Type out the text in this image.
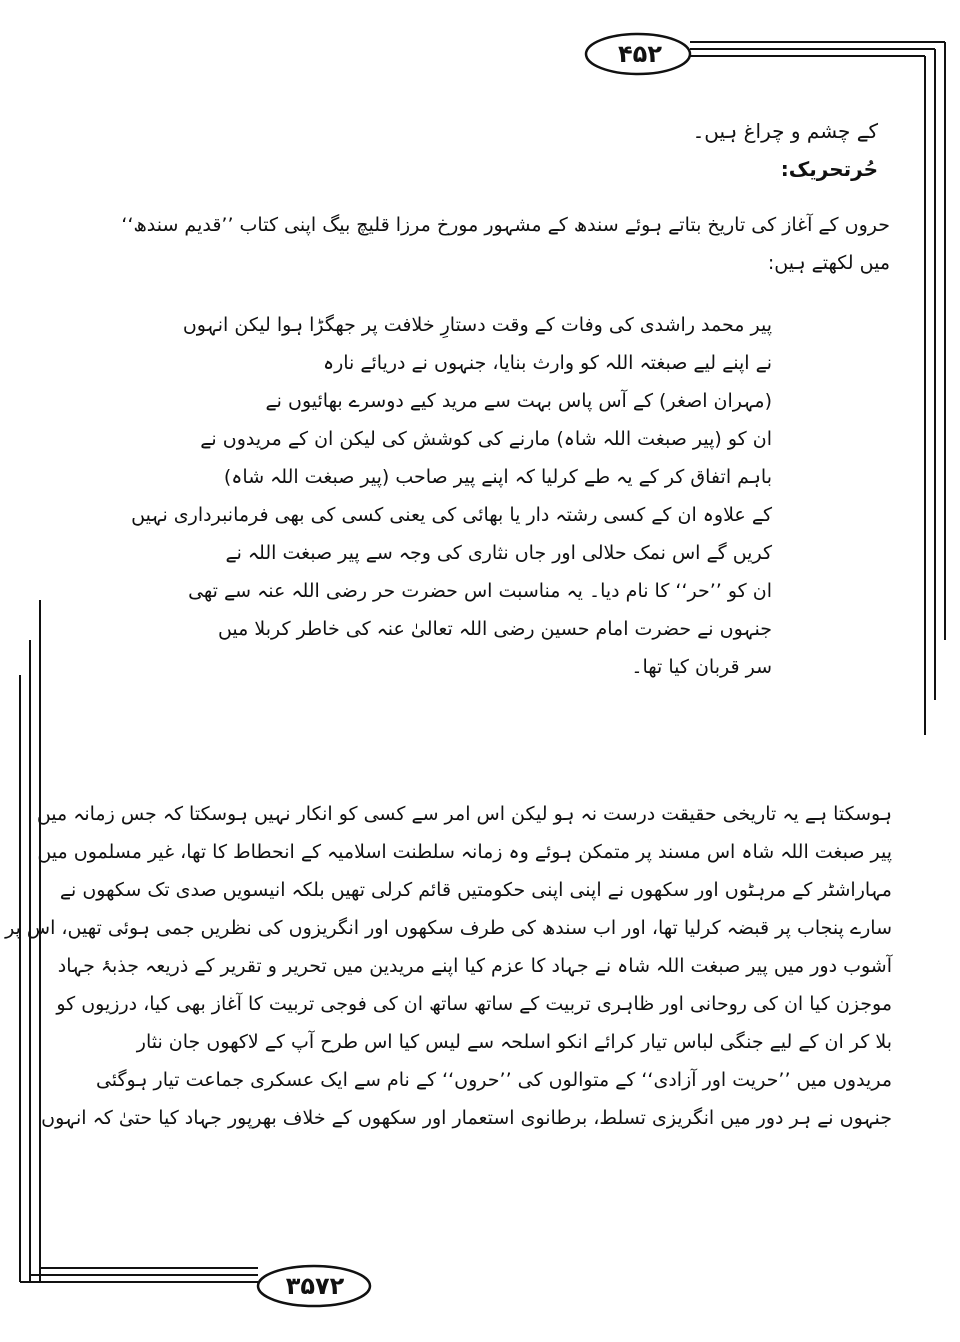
۴۵۲
۳۵۷۲
کے چشم و چراغ ہیں۔
حُرتحریک:
حروں کے آغاز کی تاریخ بتاتے ہوئے سندھ کے مشہور مورخ مرزا قلیچ بیگ اپنی کتاب ’’قدیم سندھ‘‘
میں لکھتے ہیں:
پیر محمد راشدی کی وفات کے وقت دستارِ خلافت پر جھگڑا ہوا لیکن انہوں
نے اپنے لیے صبغتہ اللہ کو وارث بنایا، جنہوں نے دریائے نارہ
(مہران اصغر) کے آس پاس بہت سے مرید کیے دوسرے بھائیوں نے
ان کو (پیر صبغت اللہ شاہ) مارنے کی کوشش کی لیکن ان کے مریدوں نے
باہم اتفاق کر کے یہ طے کرلیا کہ اپنے پیر صاحب (پیر صبغت اللہ شاہ)
کے علاوہ ان کے کسی رشتہ دار یا بھائی کی یعنی کسی کی بھی فرمانبرداری نہیں
کریں گے اس نمک حلالی اور جاں نثاری کی وجہ سے پیر صبغت اللہ نے
ان کو ’’حر‘‘ کا نام دیا۔ یہ مناسبت اس حضرت حر رضی اللہ عنہ سے تھی
جنہوں نے حضرت امام حسین رضی اللہ تعالیٰ عنہ کی خاطر کربلا میں
سر قربان کیا تھا۔
ہوسکتا ہے یہ تاریخی حقیقت درست نہ ہو لیکن اس امر سے کسی کو انکار نہیں ہوسکتا کہ جس زمانہ میں
پیر صبغت اللہ شاہ اس مسند پر متمکن ہوئے وہ زمانہ سلطنت اسلامیہ کے انحطاط کا تھا، غیر مسلموں میں
مہاراشٹر کے مرہٹوں اور سکھوں نے اپنی اپنی حکومتیں قائم کرلی تھیں بلکہ انیسویں صدی تک سکھوں نے
سارے پنجاب پر قبضہ کرلیا تھا، اور اب سندھ کی طرف سکھوں اور انگریزوں کی نظریں جمی ہوئی تھیں، اس پر
آشوب دور میں پیر صبغت اللہ شاہ نے جہاد کا عزم کیا اپنے مریدین میں تحریر و تقریر کے ذریعہ جذبۂ جہاد
موجزن کیا ان کی روحانی اور ظاہری تربیت کے ساتھ ساتھ ان کی فوجی تربیت کا آغاز بھی کیا، درزیوں کو
بلا کر ان کے لیے جنگی لباس تیار کرائے انکو اسلحہ سے لیس کیا اس طرح آپ کے لاکھوں جان نثار
مریدوں میں ’’حریت اور آزادی‘‘ کے متوالوں کی ’’حروں‘‘ کے نام سے ایک عسکری جماعت تیار ہوگئی
جنہوں نے ہر دور میں انگریزی تسلط، برطانوی استعمار اور سکھوں کے خلاف بھرپور جہاد کیا حتیٰ کہ انہوں
